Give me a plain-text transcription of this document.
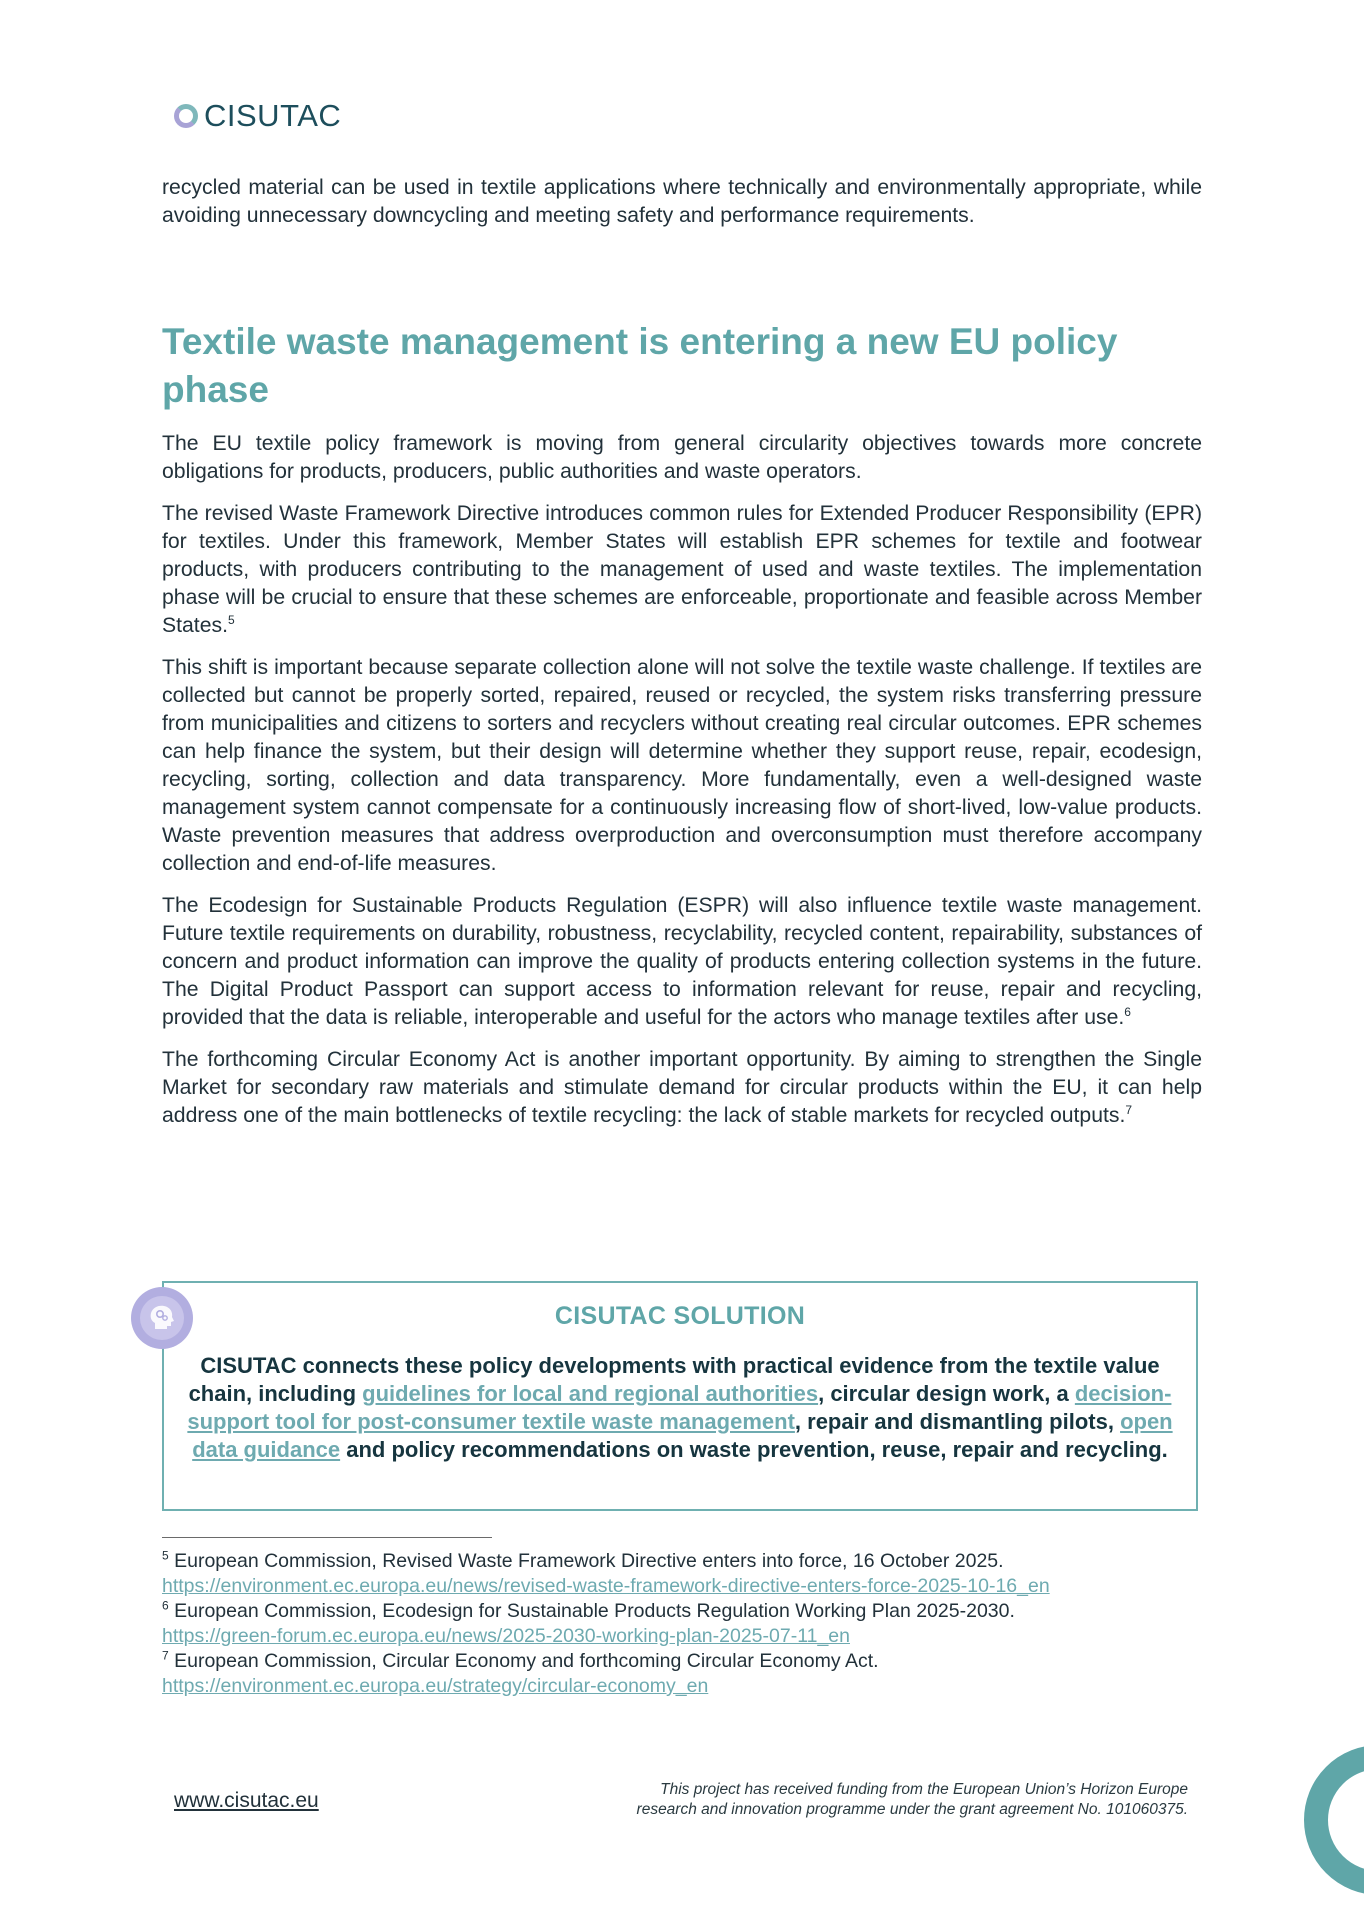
CISUTAC

recycled material can be used in textile applications where technically and environmentally appropriate, while avoiding unnecessary downcycling and meeting safety and performance requirements.

Textile waste management is entering a new EU policy phase

The EU textile policy framework is moving from general circularity objectives towards more concrete obligations for products, producers, public authorities and waste operators.

The revised Waste Framework Directive introduces common rules for Extended Producer Responsibility (EPR) for textiles. Under this framework, Member States will establish EPR schemes for textile and footwear products, with producers contributing to the management of used and waste textiles. The implementation phase will be crucial to ensure that these schemes are enforceable, proportionate and feasible across Member States.$^5$

This shift is important because separate collection alone will not solve the textile waste challenge. If textiles are collected but cannot be properly sorted, repaired, reused or recycled, the system risks transferring pressure from municipalities and citizens to sorters and recyclers without creating real circular outcomes. EPR schemes can help finance the system, but their design will determine whether they support reuse, repair, ecodesign, recycling, sorting, collection and data transparency. More fundamentally, even a well-designed waste management system cannot compensate for a continuously increasing flow of short-lived, low-value products. Waste prevention measures that address overproduction and overconsumption must therefore accompany collection and end-of-life measures.

The Ecodesign for Sustainable Products Regulation (ESPR) will also influence textile waste management. Future textile requirements on durability, robustness, recyclability, recycled content, repairability, substances of concern and product information can improve the quality of products entering collection systems in the future. The Digital Product Passport can support access to information relevant for reuse, repair and recycling, provided that the data is reliable, interoperable and useful for the actors who manage textiles after use.$^6$

The forthcoming Circular Economy Act is another important opportunity. By aiming to strengthen the Single Market for secondary raw materials and stimulate demand for circular products within the EU, it can help address one of the main bottlenecks of textile recycling: the lack of stable markets for recycled outputs.$^7$

CISUTAC SOLUTION

CISUTAC connects these policy developments with practical evidence from the textile value chain, including guidelines for local and regional authorities, circular design work, a decision-support tool for post-consumer textile waste management, repair and dismantling pilots, open data guidance and policy recommendations on waste prevention, reuse, repair and recycling.

$^5$ European Commission, Revised Waste Framework Directive enters into force, 16 October 2025.

https://environment.ec.europa.eu/news/revised-waste-framework-directive-enters-force-2025-10-16_en

$^6$ European Commission, Ecodesign for Sustainable Products Regulation Working Plan 2025-2030.

https://green-forum.ec.europa.eu/news/2025-2030-working-plan-2025-07-11_en

$^7$ European Commission, Circular Economy and forthcoming Circular Economy Act.

https://environment.ec.europa.eu/strategy/circular-economy_en

www.cisutac.eu	This project has received funding from the European Union’s Horizon Europe
research and innovation programme under the grant agreement No. 101060375.
